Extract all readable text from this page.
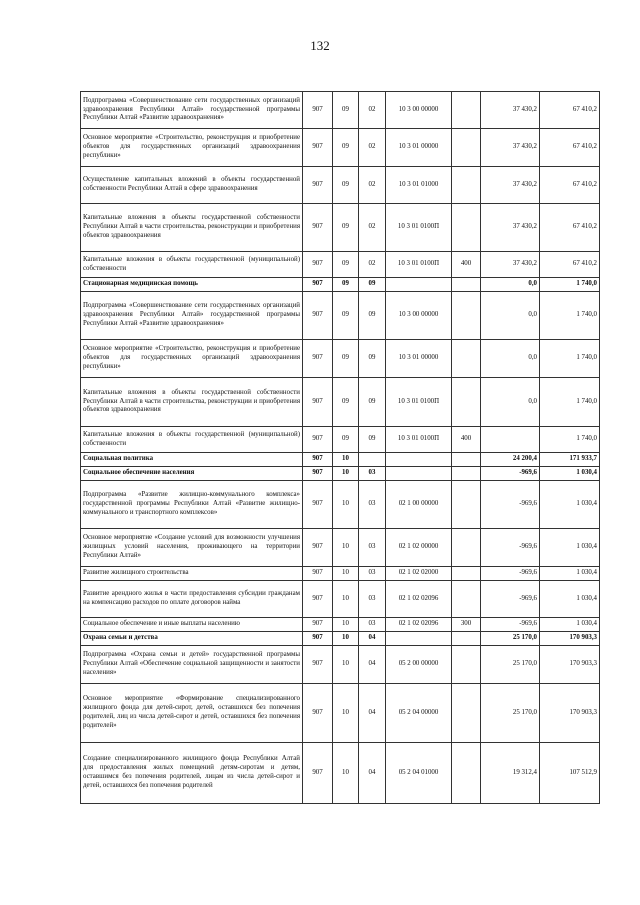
132
Подпрограмма «Совершенствование сети государственных организаций здравоохранения Республики Алтай» государственной программы Республики Алтай «Развитие здравоохранения»	907	09	02	10 3 00 00000		37 430,2	67 410,2
Основное мероприятие «Строительство, реконструкция и приобретение объектов для государственных организаций здравоохранения республики»	907	09	02	10 3 01 00000		37 430,2	67 410,2
Осуществление капитальных вложений в объекты государственной собственности Республики Алтай в сфере здравоохранения	907	09	02	10 3 01 01000		37 430,2	67 410,2
Капитальные вложения в объекты государственной собственности Республики Алтай в части строительства, реконструкции и приобретения объектов здравоохранения	907	09	02	10 3 01 0100П		37 430,2	67 410,2
Капитальные вложения в объекты государственной (муниципальной) собственности	907	09	02	10 3 01 0100П	400	37 430,2	67 410,2
Стационарная медицинская помощь	907	09	09			0,0	1 740,0
Подпрограмма «Совершенствование сети государственных организаций здравоохранения Республики Алтай» государственной программы Республики Алтай «Развитие здравоохранения»	907	09	09	10 3 00 00000		0,0	1 740,0
Основное мероприятие «Строительство, реконструкция и приобретение объектов для государственных организаций здравоохранения республики»	907	09	09	10 3 01 00000		0,0	1 740,0
Капитальные вложения в объекты государственной собственности Республики Алтай в части строительства, реконструкции и приобретения объектов здравоохранения	907	09	09	10 3 01 0100П		0,0	1 740,0
Капитальные вложения в объекты государственной (муниципальной) собственности	907	09	09	10 3 01 0100П	400		1 740,0
Социальная политика	907	10				24 200,4	171 933,7
Социальное обеспечение населения	907	10	03			-969,6	1 030,4
Подпрограмма «Развитие жилищно-коммунального комплекса» государственной программы Республики Алтай «Развитие жилищно-коммунального и транспортного комплексов»	907	10	03	02 1 00 00000		-969,6	1 030,4
Основное мероприятие «Создание условий для возможности улучшения жилищных условий населения, проживающего на территории Республики Алтай»	907	10	03	02 1 02 00000		-969,6	1 030,4
Развитие жилищного строительства	907	10	03	02 1 02 02000		-969,6	1 030,4
Развитие арендного жилья в части предоставления субсидии гражданам на компенсацию расходов по оплате договоров найма	907	10	03	02 1 02 02096		-969,6	1 030,4
Социальное обеспечение и иные выплаты населению	907	10	03	02 1 02 02096	300	-969,6	1 030,4
Охрана семьи и детства	907	10	04			25 170,0	170 903,3
Подпрограмма «Охрана семьи и детей» государственной программы Республики Алтай «Обеспечение социальной защищенности и занятости населения»	907	10	04	05 2 00 00000		25 170,0	170 903,3
Основное мероприятие «Формирование специализированного жилищного фонда для детей-сирот, детей, оставшихся без попечения родителей, лиц из числа детей-сирот и детей, оставшихся без попечения родителей»	907	10	04	05 2 04 00000		25 170,0	170 903,3
Создание специализированного жилищного фонда Республики Алтай для предоставления жилых помещений детям-сиротам и детям, оставшимся без попечения родителей, лицам из числа детей-сирот и детей, оставшихся без попечения родителей	907	10	04	05 2 04 01000		19 312,4	107 512,9
